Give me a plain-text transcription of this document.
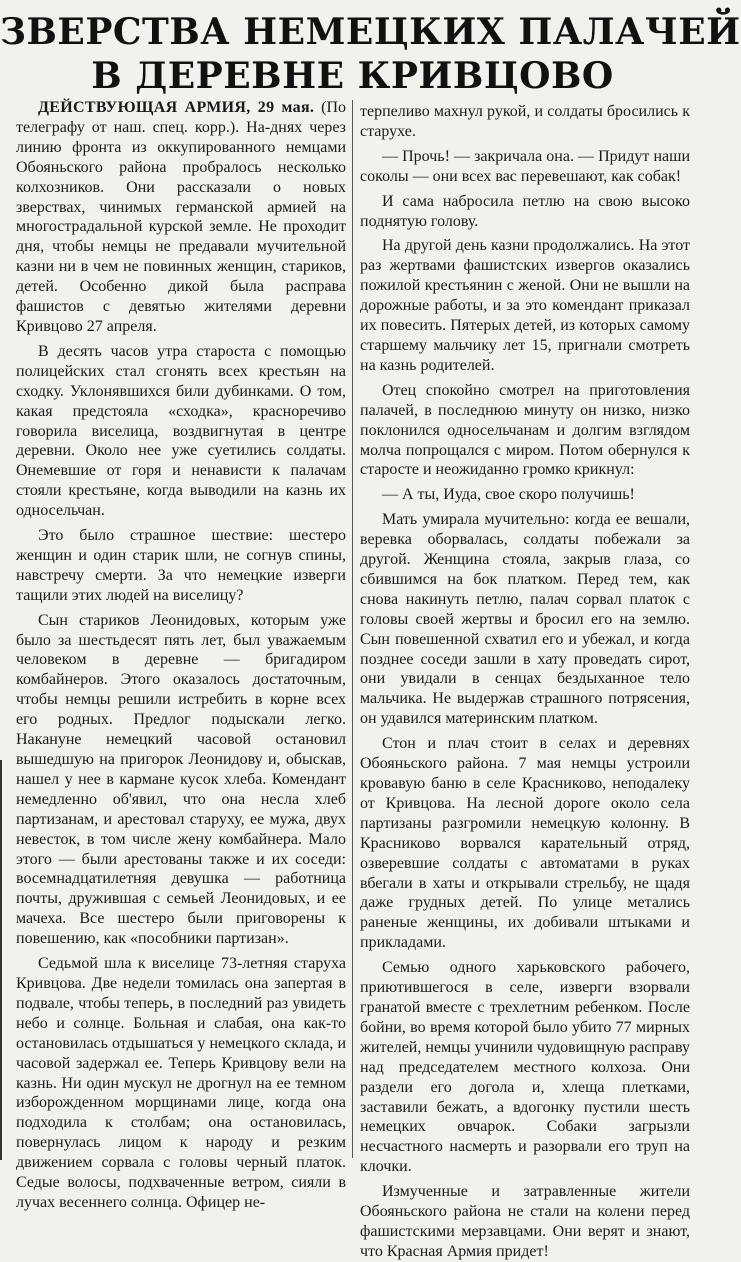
ЗВЕРСТВА НЕМЕЦКИХ ПАЛАЧЕЙ
В ДЕРЕВНЕ КРИВЦОВО

ДЕЙСТВУЮЩАЯ АРМИЯ, 29 мая. (По телеграфу от наш. спец. корр.). На-днях через линию фронта из оккупированного немцами Обояньского района пробралось несколько колхозников. Они рассказали о новых зверствах, чинимых германской армией на многострадальной курской земле. Не проходит дня, чтобы немцы не предавали мучительной казни ни в чем не повинных женщин, стариков, детей. Особенно дикой была расправа фашистов с девятью жителями деревни Кривцово 27 апреля.

В десять часов утра староста с помощью полицейских стал сгонять всех крестьян на сходку. Уклонявшихся били дубинками. О том, какая предстояла «сходка», красноречиво говорила виселица, воздвигнутая в центре деревни. Около нее уже суетились солдаты. Онемевшие от горя и ненависти к палачам стояли крестьяне, когда выводили на казнь их односельчан.

Это было страшное шествие: шестеро женщин и один старик шли, не согнув спины, навстречу смерти. За что немецкие изверги тащили этих людей на виселицу?

Сын стариков Леонидовых, которым уже было за шестьдесят пять лет, был уважаемым человеком в деревне — бригадиром комбайнеров. Этого оказалось достаточным, чтобы немцы решили истребить в корне всех его родных. Предлог подыскали легко. Накануне немецкий часовой остановил вышедшую на пригорок Леонидову и, обыскав, нашел у нее в кармане кусок хлеба. Комендант немедленно об'явил, что она несла хлеб партизанам, и арестовал старуху, ее мужа, двух невесток, в том числе жену комбайнера. Мало этого — были арестованы также и их соседи: восемнадцатилетняя девушка — работница почты, дружившая с семьей Леонидовых, и ее мачеха. Все шестеро были приговорены к повешению, как «пособники партизан».

Седьмой шла к виселице 73-летняя старуха Кривцова. Две недели томилась она запертая в подвале, чтобы теперь, в последний раз увидеть небо и солнце. Больная и слабая, она как-то остановилась отдышаться у немецкого склада, и часовой задержал ее. Теперь Кривцову вели на казнь. Ни один мускул не дрогнул на ее темном изборожденном морщинами лице, когда она подходила к столбам; она остановилась, повернулась лицом к народу и резким движением сорвала с головы черный платок. Седые волосы, подхваченные ветром, сияли в лучах весеннего солнца. Офицер не-

терпеливо махнул рукой, и солдаты бросились к старухе.

— Прочь! — закричала она. — Придут наши соколы — они всех вас перевешают, как собак!

И сама набросила петлю на свою высоко поднятую голову.

На другой день казни продолжались. На этот раз жертвами фашистских извергов оказались пожилой крестьянин с женой. Они не вышли на дорожные работы, и за это комендант приказал их повесить. Пятерых детей, из которых самому старшему мальчику лет 15, пригнали смотреть на казнь родителей.

Отец спокойно смотрел на приготовления палачей, в последнюю минуту он низко, низко поклонился односельчанам и долгим взглядом молча попрощался с миром. Потом обернулся к старосте и неожиданно громко крикнул:

— А ты, Иуда, свое скоро получишь!

Мать умирала мучительно: когда ее вешали, веревка оборвалась, солдаты побежали за другой. Женщина стояла, закрыв глаза, со сбившимся на бок платком. Перед тем, как снова накинуть петлю, палач сорвал платок с головы своей жертвы и бросил его на землю. Сын повешенной схватил его и убежал, и когда позднее соседи зашли в хату проведать сирот, они увидали в сенцах бездыханное тело мальчика. Не выдержав страшного потрясения, он удавился материнским платком.

Стон и плач стоит в селах и деревнях Обояньского района. 7 мая немцы устроили кровавую баню в селе Красниково, неподалеку от Кривцова. На лесной дороге около села партизаны разгромили немецкую колонну. В Красниково ворвался карательный отряд, озверевшие солдаты с автоматами в руках вбегали в хаты и открывали стрельбу, не щадя даже грудных детей. По улице метались раненые женщины, их добивали штыками и прикладами.

Семью одного харьковского рабочего, приютившегося в селе, изверги взорвали гранатой вместе с трехлетним ребенком. После бойни, во время которой было убито 77 мирных жителей, немцы учинили чудовищную расправу над председателем местного колхоза. Они раздели его догола и, хлеща плетками, заставили бежать, а вдогонку пустили шесть немецких овчарок. Собаки загрызли несчастного насмерть и разорвали его труп на клочки.

Измученные и затравленные жители Обояньского района не стали на колени перед фашистскими мерзавцами. Они верят и знают, что Красная Армия придет!
